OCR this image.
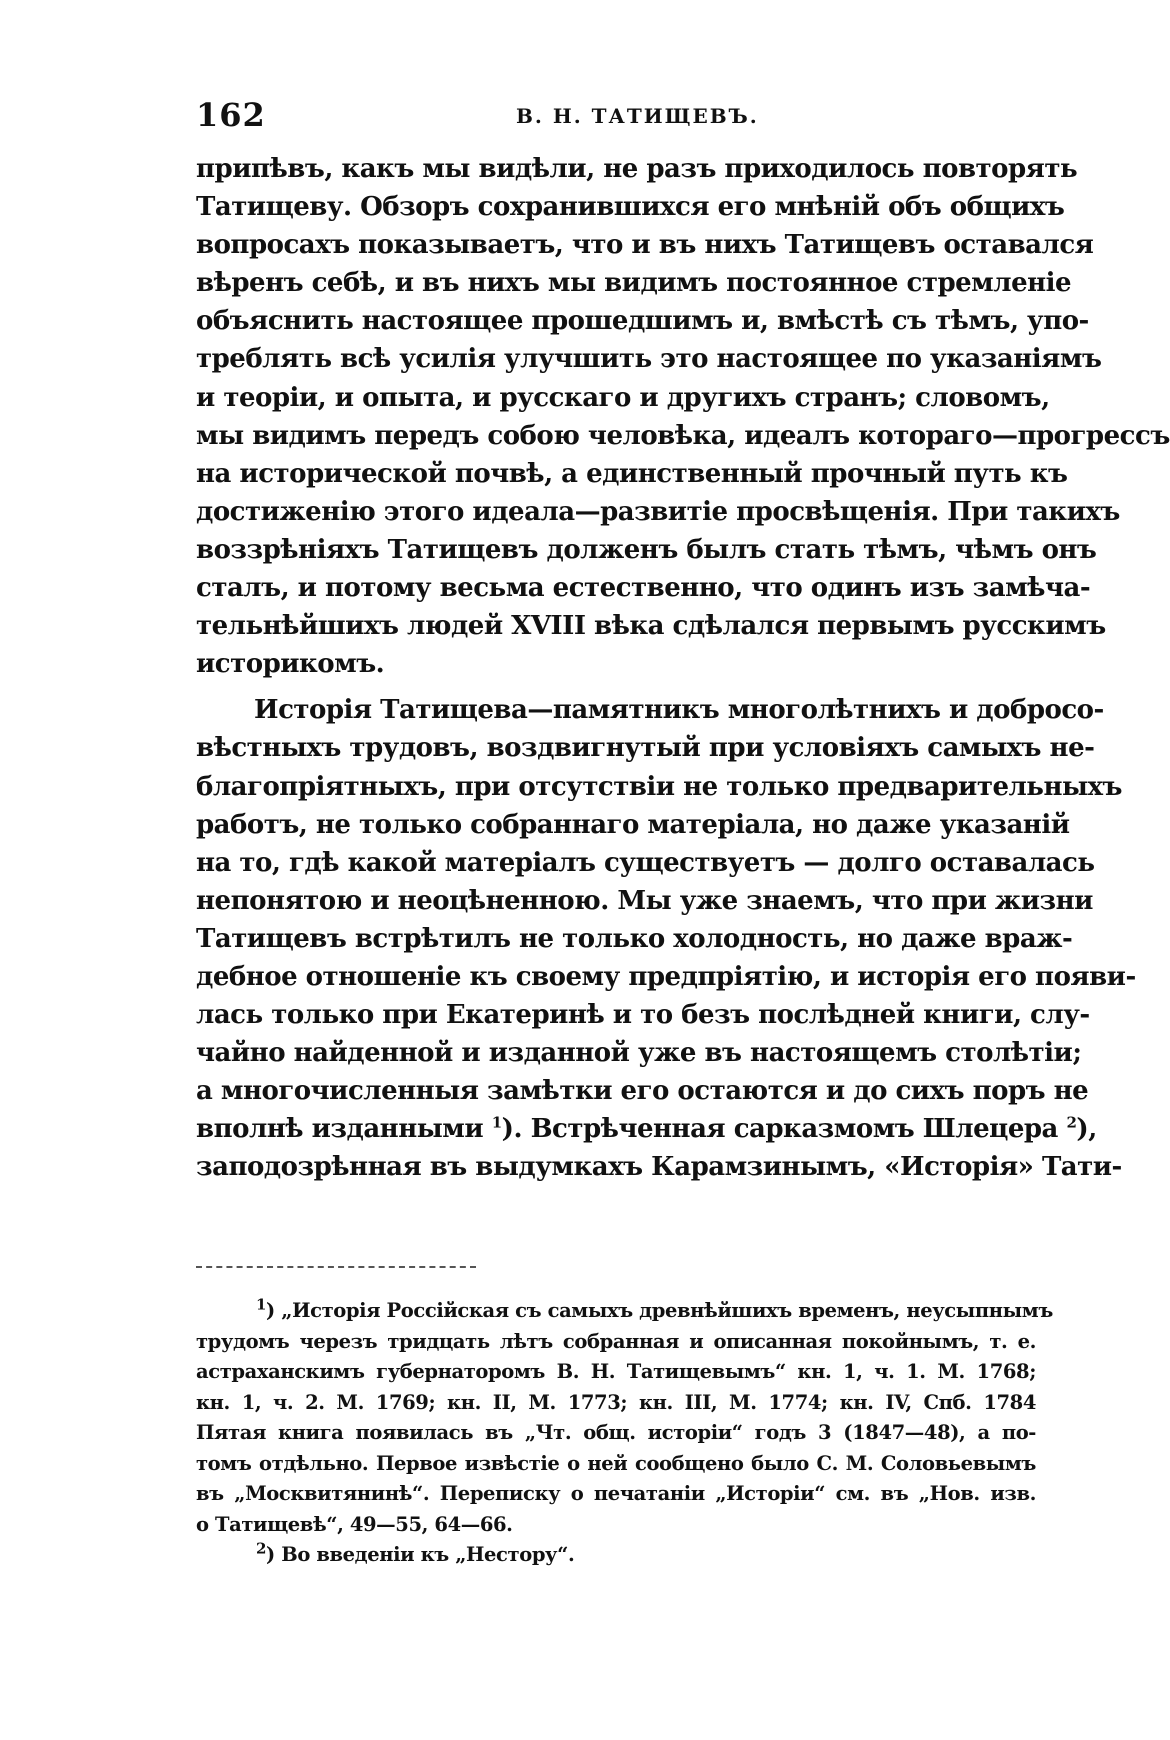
162	В. Н. ТАТИЩЕВЪ.
припѣвъ, какъ мы видѣли, не разъ приходилось повторять
Татищеву. Обзоръ сохранившихся его мнѣній объ общихъ
вопросахъ показываетъ, что и въ нихъ Татищевъ оставался
вѣренъ себѣ, и въ нихъ мы видимъ постоянное стремленіе
объяснить настоящее прошедшимъ и, вмѣстѣ съ тѣмъ, упо-
треблять всѣ усилія улучшить это настоящее по указаніямъ
и теоріи, и опыта, и русскаго и другихъ странъ; словомъ,
мы видимъ передъ собою человѣка, идеалъ котораго—прогрессъ
на исторической почвѣ, а единственный прочный путь къ
достиженію этого идеала—развитіе просвѣщенія. При такихъ
воззрѣніяхъ Татищевъ долженъ былъ стать тѣмъ, чѣмъ онъ
сталъ, и потому весьма естественно, что одинъ изъ замѣча-
тельнѣйшихъ людей XVIII вѣка сдѣлался первымъ русскимъ
историкомъ.
Исторія Татищева—памятникъ многолѣтнихъ и добросо-
вѣстныхъ трудовъ, воздвигнутый при условіяхъ самыхъ не-
благопріятныхъ, при отсутствіи не только предварительныхъ
работъ, не только собраннаго матеріала, но даже указаній
на то, гдѣ какой матеріалъ существуетъ — долго оставалась
непонятою и неоцѣненною. Мы уже знаемъ, что при жизни
Татищевъ встрѣтилъ не только холодность, но даже враж-
дебное отношеніе къ своему предпріятію, и исторія его появи-
лась только при Екатеринѣ и то безъ послѣдней книги, слу-
чайно найденной и изданной уже въ настоящемъ столѣтіи;
а многочисленныя замѣтки его остаются и до сихъ поръ не
вполнѣ изданными $^1$). Встрѣченная сарказмомъ Шлецера $^2$),
заподозрѣнная въ выдумкахъ Карамзинымъ, «Исторія» Тати-
$^1$) „Исторія Россійская съ самыхъ древнѣйшихъ временъ, неусыпнымъ
трудомъ черезъ тридцать лѣтъ собранная и описанная покойнымъ, т. е.
астраханскимъ губернаторомъ В. Н. Татищевымъ“ кн. 1, ч. 1. М. 1768;
кн. 1, ч. 2. М. 1769; кн. II, М. 1773; кн. III, М. 1774; кн. IV, Спб. 1784
Пятая книга появилась въ „Чт. общ. исторіи“ годъ 3 (1847—48), а по-
томъ отдѣльно. Первое извѣстіе о ней сообщено было С. М. Соловьевымъ
въ „Москвитянинѣ“. Переписку о печатаніи „Исторіи“ см. въ „Нов. изв.
о Татищевѣ“, 49—55, 64—66.
$^2$) Во введеніи къ „Нестору“.
